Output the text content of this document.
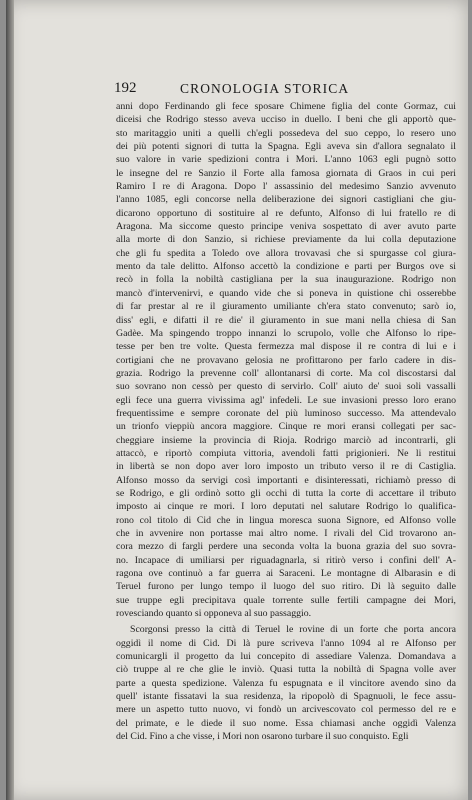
192	CRONOLOGIA STORICA
anni dopo Ferdinando gli fece sposare Chimene figlia del conte Gormaz, cui
diceisi che Rodrigo stesso aveva ucciso in duello. I beni che gli apportò que-
sto maritaggio uniti a quelli ch'egli possedeva del suo ceppo, lo resero uno
dei più potenti signori di tutta la Spagna. Egli aveva sin d'allora segnalato il
suo valore in varie spedizioni contra i Mori. L'anno 1063 egli pugnò sotto
le insegne del re Sanzio il Forte alla famosa giornata di Graos in cui peri
Ramiro I re di Aragona. Dopo l' assassinio del medesimo Sanzio avvenuto
l'anno 1085, egli concorse nella deliberazione dei signori castigliani che giu-
dicarono opportuno di sostituire al re defunto, Alfonso di lui fratello re di
Aragona. Ma siccome questo principe veniva sospettato di aver avuto parte
alla morte di don Sanzio, si richiese previamente da lui colla deputazione
che gli fu spedita a Toledo ove allora trovavasi che si spurgasse col giura-
mento da tale delitto. Alfonso accettò la condizione e parti per Burgos ove si
recò in folla la nobiltà castigliana per la sua inaugurazione. Rodrigo non
mancò d'intervenirvi, e quando vide che si poneva in quistione chi osserebbe
di far prestar al re il giuramento umiliante ch'era stato convenuto; sarò io,
diss' egli, e difatti il re die' il giuramento in sue mani nella chiesa di San
Gadèe. Ma spingendo troppo innanzi lo scrupolo, volle che Alfonso lo ripe-
tesse per ben tre volte. Questa fermezza mal dispose il re contra di lui e i
cortigiani che ne provavano gelosia ne profittarono per farlo cadere in dis-
grazia. Rodrigo la prevenne coll' allontanarsi di corte. Ma col discostarsi dal
suo sovrano non cessò per questo di servirlo. Coll' aiuto de' suoi soli vassalli
egli fece una guerra vivissima agl' infedeli. Le sue invasioni presso loro erano
frequentissime e sempre coronate del più luminoso successo. Ma attendevalo
un trionfo vieppiù ancora maggiore. Cinque re mori eransi collegati per sac-
cheggiare insieme la provincia di Rioja. Rodrigo marciò ad incontrarli, gli
attaccò, e riportò compiuta vittoria, avendoli fatti prigionieri. Ne li restitui
in libertà se non dopo aver loro imposto un tributo verso il re di Castiglia.
Alfonso mosso da servigi così importanti e disinteressati, richiamò presso di
se Rodrigo, e gli ordinò sotto gli occhi di tutta la corte di accettare il tributo
imposto ai cinque re mori. I loro deputati nel salutare Rodrigo lo qualifica-
rono col titolo di Cid che in lingua moresca suona Signore, ed Alfonso volle
che in avvenire non portasse mai altro nome. I rivali del Cid trovarono an-
cora mezzo di fargli perdere una seconda volta la buona grazia del suo sovra-
no. Incapace di umiliarsi per riguadagnarla, si ritirò verso i confini dell' A-
ragona ove continuò a far guerra ai Saraceni. Le montagne di Albarasin e di
Teruel furono per lungo tempo il luogo del suo ritiro. Di là seguito dalle
sue truppe egli precipitava quale torrente sulle fertili campagne dei Mori,
rovesciando quanto si opponeva al suo passaggio.
Scorgonsi presso la città di Teruel le rovine di un forte che porta ancora
oggidì il nome di Cid. Di là pure scriveva l'anno 1094 al re Alfonso per
comunicargli il progetto da lui concepito di assediare Valenza. Domandava a
ciò truppe al re che glie le inviò. Quasi tutta la nobiltà di Spagna volle aver
parte a questa spedizione. Valenza fu espugnata e il vincitore avendo sino da
quell' istante fissatavi la sua residenza, la ripopolò di Spagnuoli, le fece assu-
mere un aspetto tutto nuovo, vi fondò un arcivescovato col permesso del re e
del primate, e le diede il suo nome. Essa chiamasi anche oggidì Valenza
del Cid. Fino a che visse, i Mori non osarono turbare il suo conquisto. Egli
